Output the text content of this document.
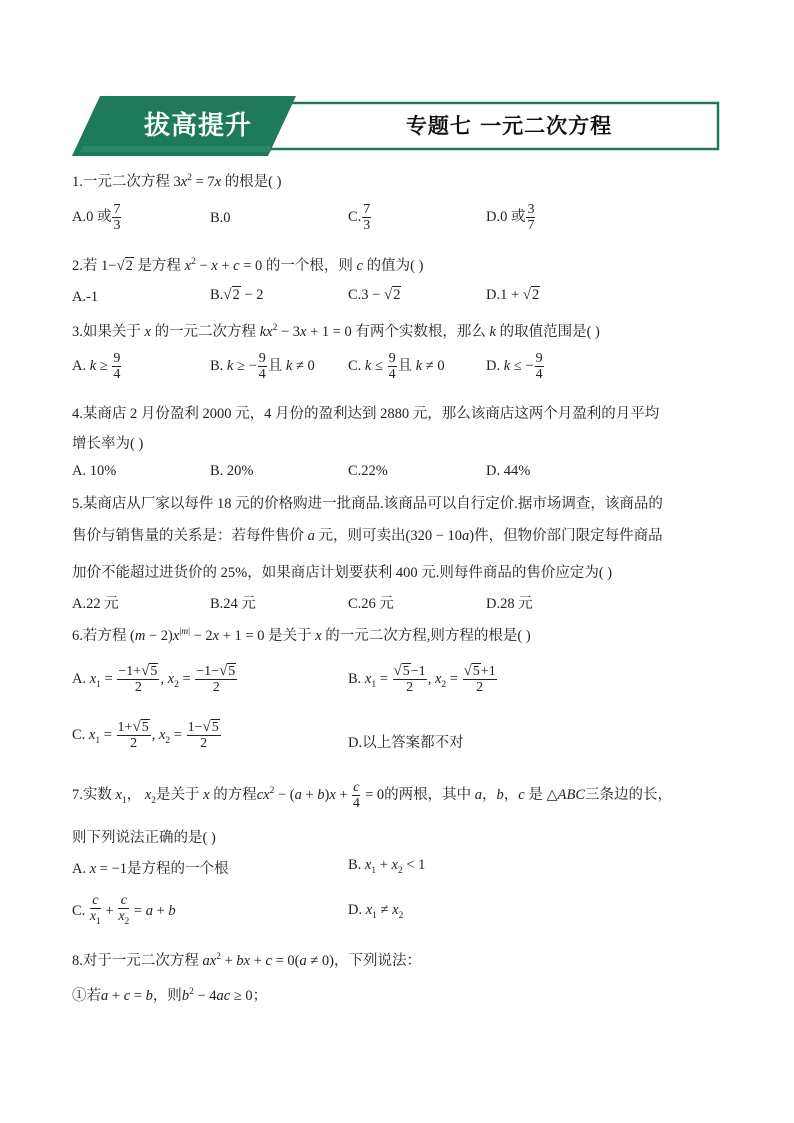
拔高提升	专题七 一元二次方程
1.一元二次方程 $3x^2 = 7x$ 的根是( )
A.0 或 $\frac{7}{3}$	B.0	C. $\frac{7}{3}$	D.0 或 $\frac{3}{7}$
2.若 1−√2 是方程 $x^2 - x + c = 0$ 的一个根，则 c 的值为( )
A.-1	B.√2 − 2	C.3 − √2	D.1 + √2
3.如果关于 x 的一元二次方程 $kx^2 - 3x + 1 = 0$ 有两个实数根，那么 k 的取值范围是( )
A. $k \ge \frac{9}{4}$	B. k ≥ − $\frac{9}{4}$ 且 k ≠ 0 C. $k \le \frac{9}{4}$ 且 k ≠ 0	D. k ≤ − $\frac{9}{4}$
4.某商店 2 月份盈利 2000 元，4 月份的盈利达到 2880 元，那么该商店这两个月盈利的月平均
增长率为( )
A. 10%	B. 20%	C.22%	D. 44%
5.某商店从厂家以每件 18 元的价格购进一批商品.该商品可以自行定价.据市场调查，该商品的
售价与销售量的关系是：若每件售价 a 元，则可卖出(320 − 10a)件，但物价部门限定每件商品
加价不能超过进货价的 25%，如果商店计划要获利 400 元.则每件商品的售价应定为( )
A.22 元	B.24 元	C.26 元	D.28 元
6.若方程 $(m - 2)x^{|m|} - 2x + 1 = 0$ 是关于 x 的一元二次方程,则方程的根是( )
A. $x_1 = \frac{-1+√5}{2}$ , $x_2 = \frac{-1-√5}{2}$	B. $x_1 = \frac{√5-1}{2}$ , $x_2 = \frac{√5+1}{2}$
C. $x_1 = \frac{1+√5}{2}$ , $x_2 = \frac{1-√5}{2}$	D.以上答案都不对
7.实数 $x_1$， $x_2$是关于 x 的方程$cx^2 - (a + b)x + \frac{c}{4} = 0$的两根，其中 a，b，c 是 △ABC三条边的长，
则下列说法正确的是( )
A. x = −1是方程的一个根	B. $x_1 + x_2 < 1$
C. $\frac{c}{x_1} + \frac{c}{x_2} = a + b$	D. $x_1 \ne x_2$
8.对于一元二次方程 $ax^2$ + bx + c = 0(a ≠ 0)，下列说法：
①若a + c = b，则$b^2 - 4ac \ge 0$；
